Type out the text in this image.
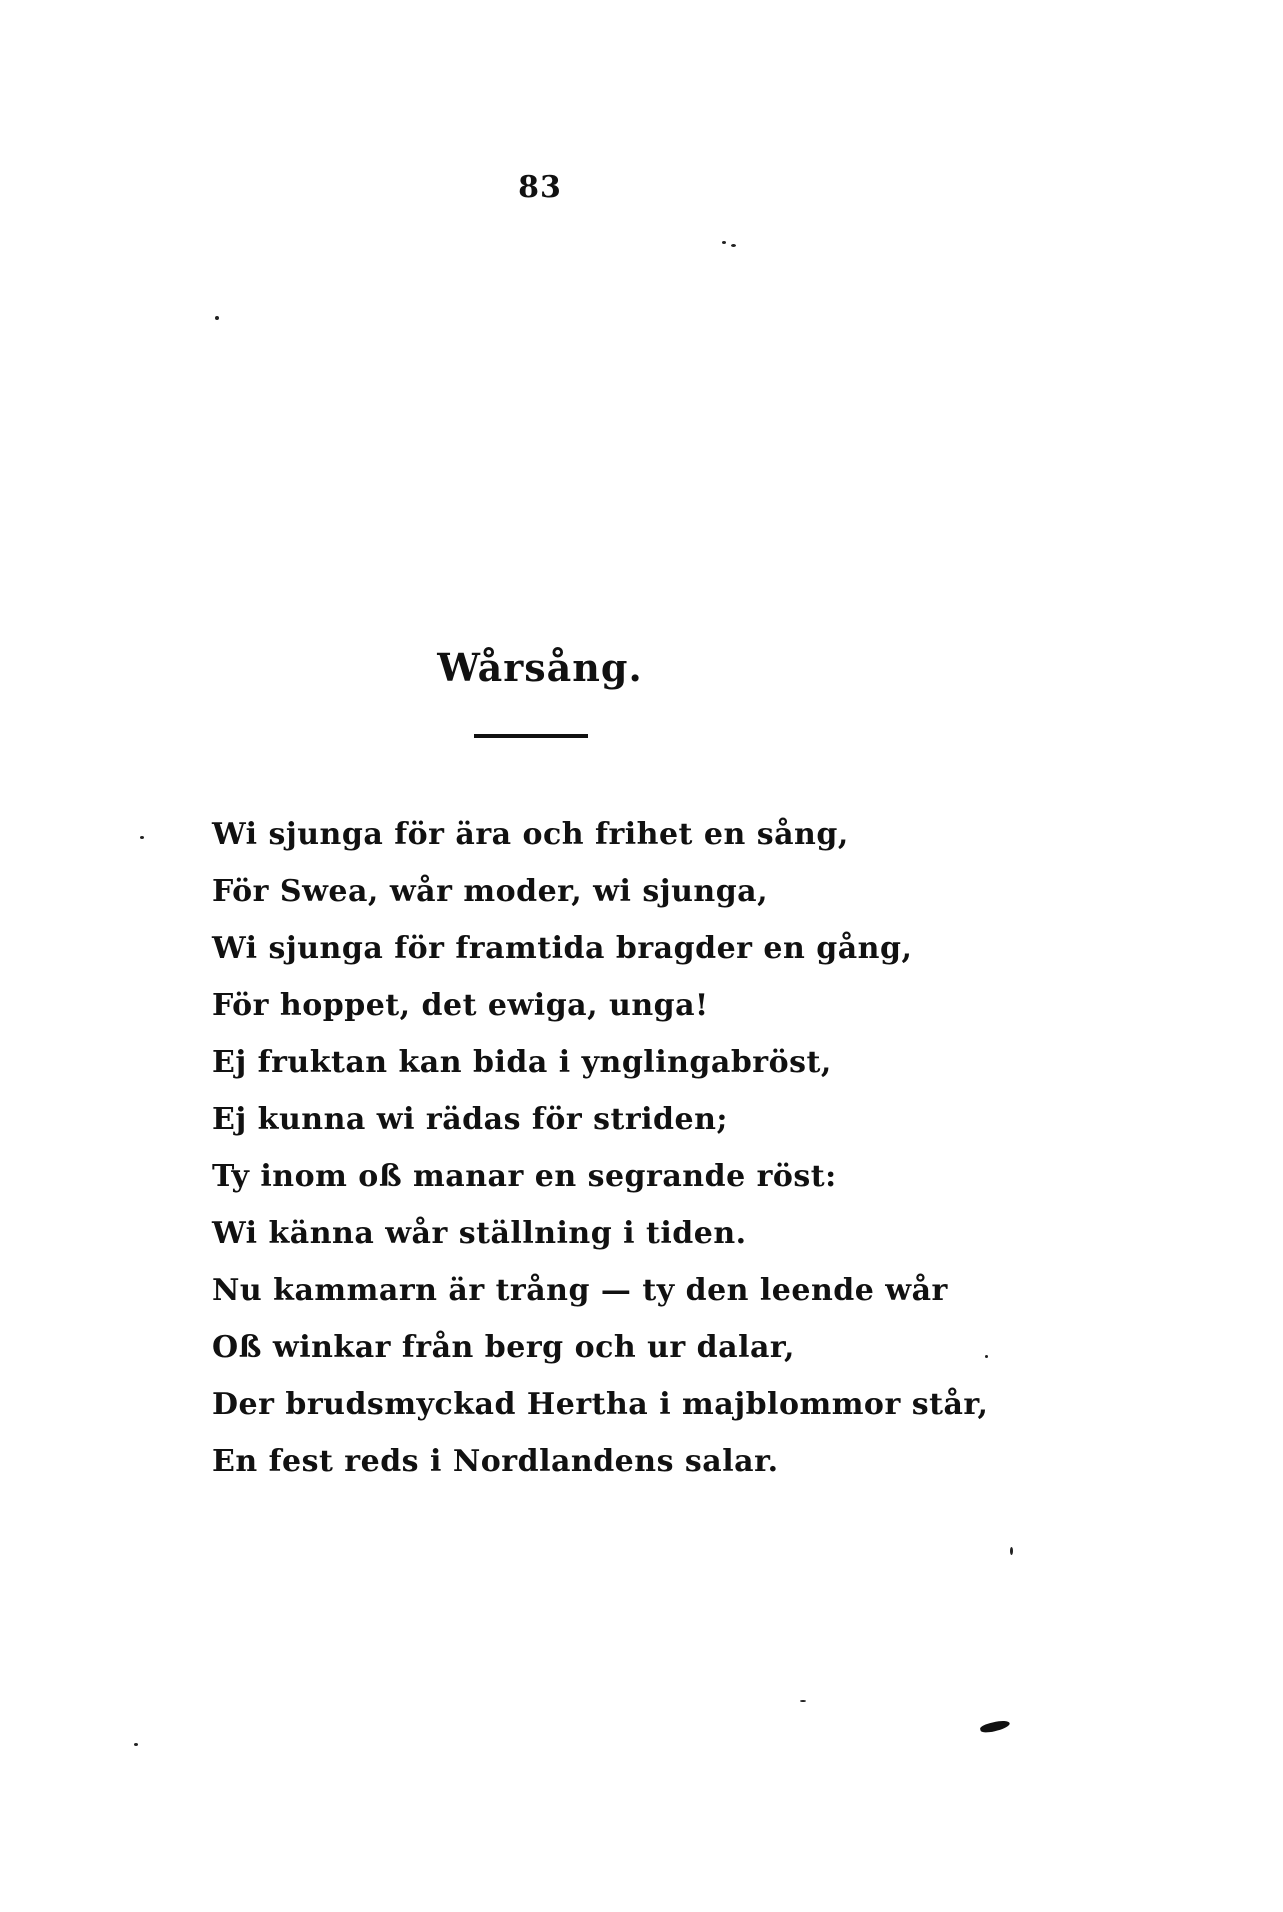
83
Wårsång.
Wi sjunga för ära och frihet en sång,
För Swea, wår moder, wi sjunga,
Wi sjunga för framtida bragder en gång,
För hoppet, det ewiga, unga!
Ej fruktan kan bida i ynglingabröst,
Ej kunna wi rädas för striden;
Ty inom oß manar en segrande röst:
Wi känna wår ställning i tiden.
Nu kammarn är trång — ty den leende wår
Oß winkar från berg och ur dalar,
Der brudsmyckad Hertha i majblommor står,
En fest reds i Nordlandens salar.
